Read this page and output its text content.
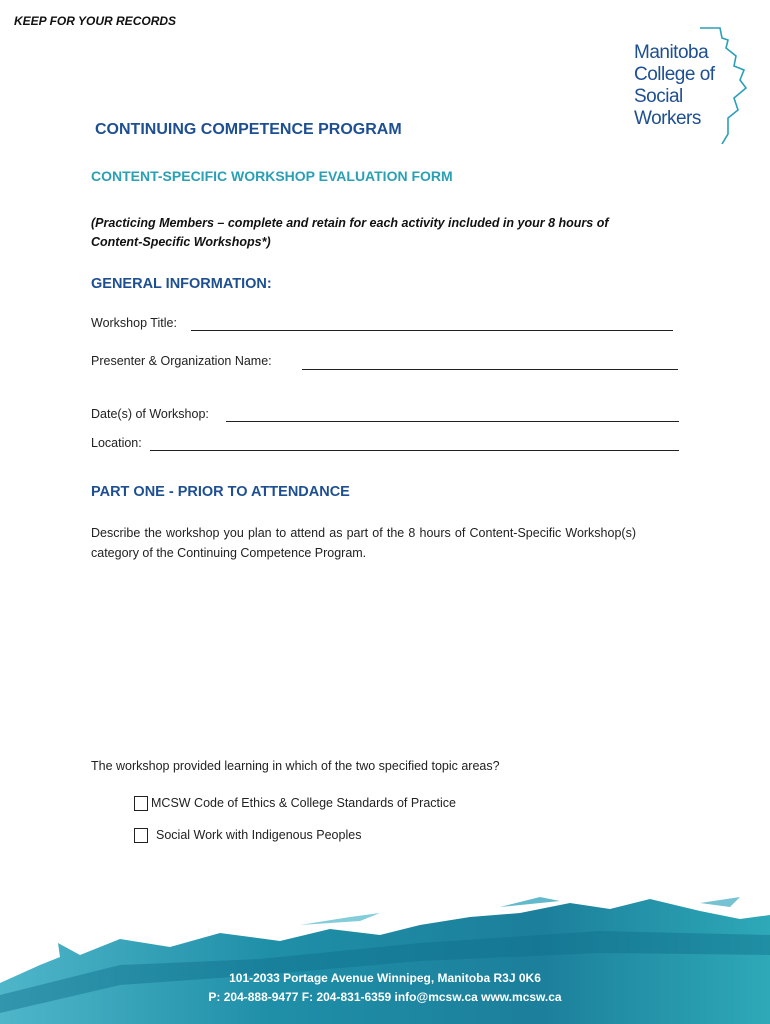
KEEP FOR YOUR RECORDS
Manitoba
College of
Social
Workers
CONTINUING COMPETENCE PROGRAM
CONTENT-SPECIFIC WORKSHOP EVALUATION FORM
(Practicing Members – complete and retain for each activity included in your 8 hours of
Content-Specific Workshops*)
GENERAL INFORMATION:
Workshop Title:
Presenter & Organization Name:
Date(s) of Workshop:
Location:
PART ONE - PRIOR TO ATTENDANCE
Describe the workshop you plan to attend as part of the 8 hours of Content-Specific Workshop(s) category of the Continuing Competence Program.
The workshop provided learning in which of the two specified topic areas?
MCSW Code of Ethics & College Standards of Practice
Social Work with Indigenous Peoples
101-2033 Portage Avenue Winnipeg, Manitoba R3J 0K6
P: 204-888-9477 F: 204-831-6359 info@mcsw.ca www.mcsw.ca
